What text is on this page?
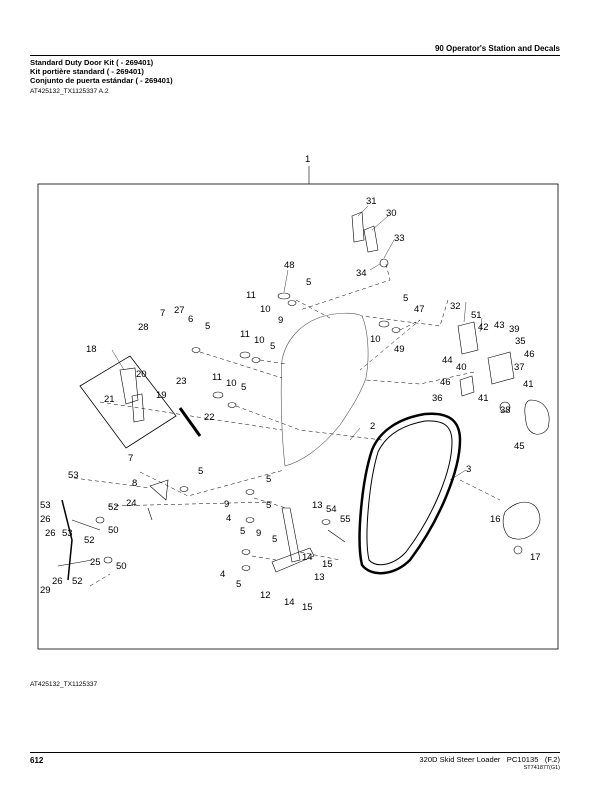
90 Operator's Station and Decals
Standard Duty Door Kit ( - 269401)
Kit portière standard ( - 269401)
Conjunto de puerta estándar ( - 269401)
AT425132_TX1125337 A.2
1
31
30
33
34
48
11
5
10
9
5
47
10
49
7 27
6
28	5
11
10
5
23
18
20
21	19
11
10 5
22
32
51
43
42 39
35
44
46
40	37
46	41
36	41
38
45
2
3
7
5
8
24
53
53
26
52
26 53	50
52
25 50
26 52
29
5
9	5
4
13 54
55
5 9
5
14
15
4
5
13
12
14 15
16
17
AT425132_TX1125337
612	320D Skid Steer Loader PC10135 (F.2)
ST741877(G1)
